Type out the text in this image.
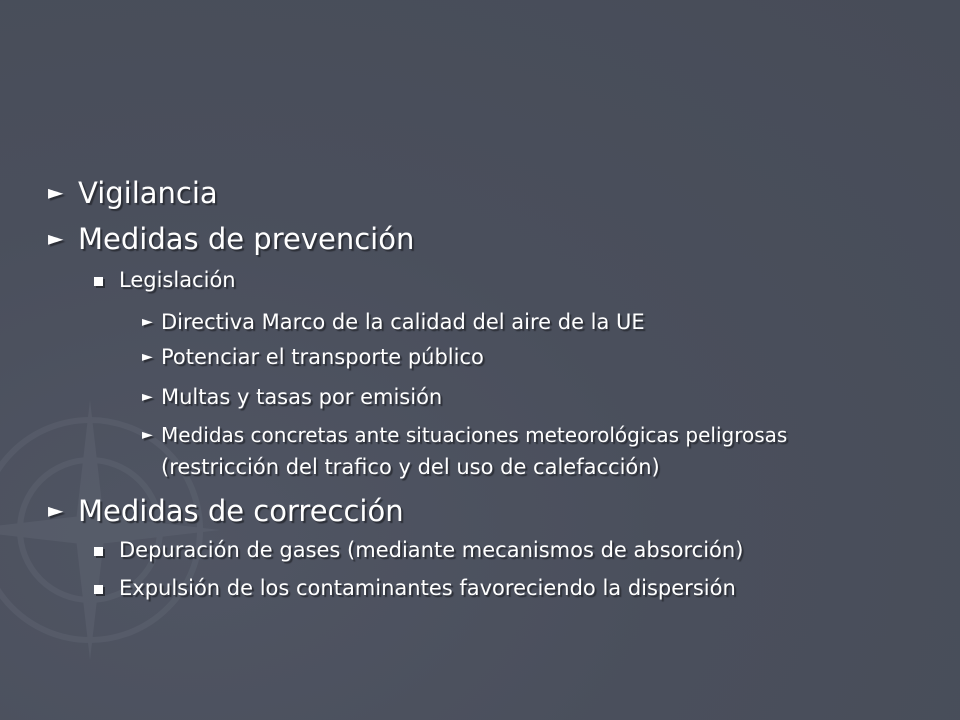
► Vigilancia
► Medidas de prevención
Legislación
► Directiva Marco de la calidad del aire de la UE
► Potenciar el transporte público
► Multas y tasas por emisión
► Medidas concretas ante situaciones meteorológicas peligrosas
(restricción del trafico y del uso de calefacción)
► Medidas de corrección
Depuración de gases (mediante mecanismos de absorción)
Expulsión de los contaminantes favoreciendo la dispersión
